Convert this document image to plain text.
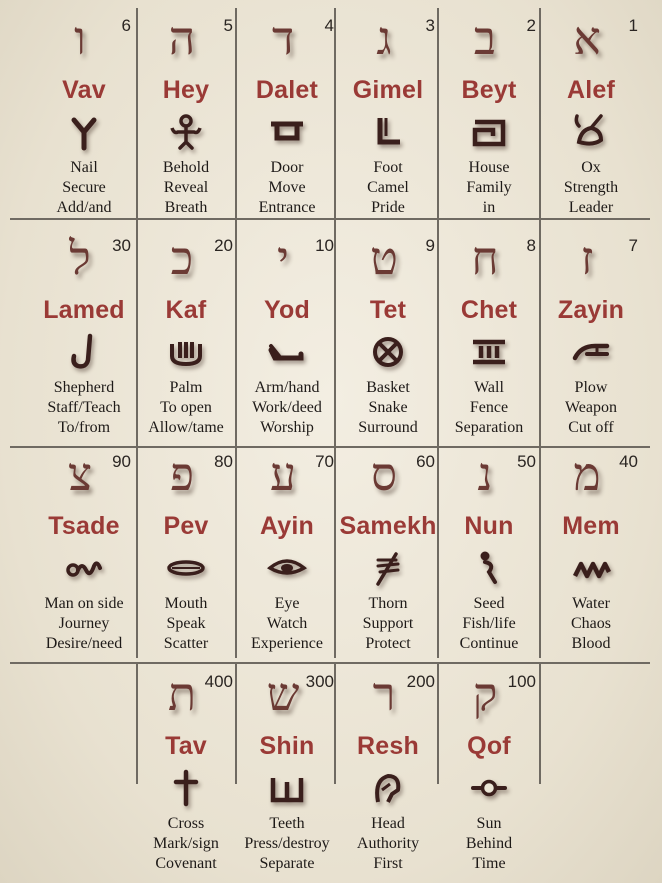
ו	6
Vav
Nail
Secure
Add/and
ה	5
Hey
Behold
Reveal
Breath
ד	4
Dalet
Door
Move
Entrance
ג	3
Gimel
Foot
Camel
Pride
ב	2
Beyt
House
Family
in
א	1
Alef
Ox
Strength
Leader
ל	30
Lamed
Shepherd
Staff/Teach
To/from
כ	20
Kaf
Palm
To open
Allow/tame
י	10
Yod
Arm/hand
Work/deed
Worship
ט	9
Tet
Basket
Snake
Surround
ח	8
Chet
Wall
Fence
Separation
ז	7
Zayin
Plow
Weapon
Cut off
צ	90
Tsade
Man on side
Journey
Desire/need
פ	80
Pev
Mouth
Speak
Scatter
ע	70
Ayin
Eye
Watch
Experience
ס	60
Samekh
Thorn
Support
Protect
נ	50
Nun
Seed
Fish/life
Continue
מ	40
Mem
Water
Chaos
Blood
ת 400
Tav
Cross
Mark/sign
Covenant
ש 300
Shin
Teeth
Press/destroy
Separate
ר 200
Resh
Head
Authority
First
ק 100
Qof
Sun
Behind
Time
